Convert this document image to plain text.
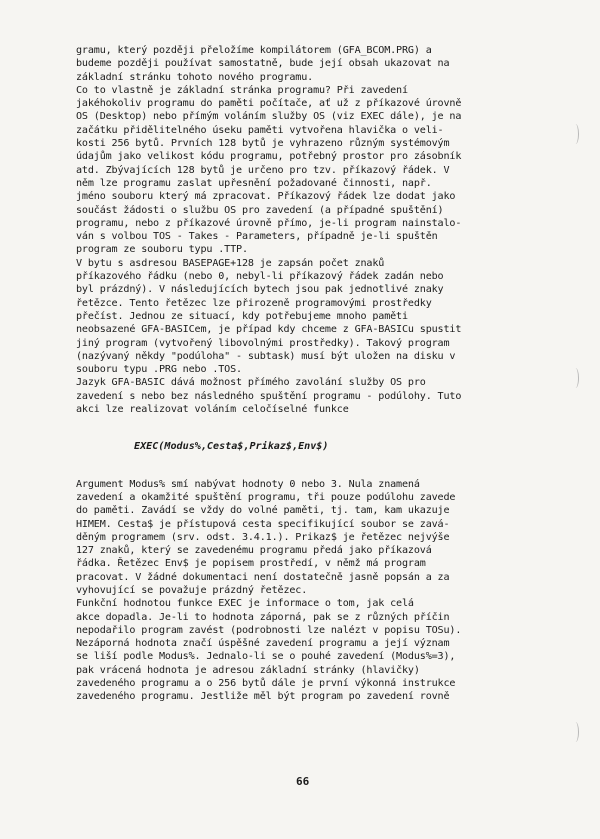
gramu, který později přeložíme kompilátorem (GFA_BCOM.PRG) a
budeme později používat samostatně, bude její obsah ukazovat na
základní stránku tohoto nového programu.
Co to vlastně je základní stránka programu? Při zavedení
jakéhokoliv programu do paměti počítače, ať už z příkazové úrovně
OS (Desktop) nebo přímým voláním služby OS (viz EXEC dále), je na
začátku přidělitelného úseku paměti vytvořena hlavička o veli-
kosti 256 bytů. Prvních 128 bytů je vyhrazeno různým systémovým
údajům jako velikost kódu programu, potřebný prostor pro zásobník
atd. Zbývajících 128 bytů je určeno pro tzv. příkazový řádek. V
něm lze programu zaslat upřesnění požadované činnosti, např.
jméno souboru který má zpracovat. Příkazový řádek lze dodat jako
součást žádosti o službu OS pro zavedení (a případné spuštění)
programu, nebo z příkazové úrovně přímo, je-li program nainstalo-
ván s volbou TOS - Takes - Parameters, případně je-li spuštěn
program ze souboru typu .TTP.
V bytu s asdresou BASEPAGE+128 je zapsán počet znaků
příkazového řádku (nebo 0, nebyl-li příkazový řádek zadán nebo
byl prázdný). V následujících bytech jsou pak jednotlivé znaky
řetězce. Tento řetězec lze přirozeně programovými prostředky
přečíst. Jednou ze situací, kdy potřebujeme mnoho paměti
neobsazené GFA-BASICem, je případ kdy chceme z GFA-BASICu spustit
jiný program (vytvořený libovolnými prostředky). Takový program
(nazývaný někdy "podúloha" - subtask) musí být uložen na disku v
souboru typu .PRG nebo .TOS.
Jazyk GFA-BASIC dává možnost přímého zavolání služby OS pro
zavedení s nebo bez následného spuštění programu - podúlohy. Tuto
akci lze realizovat voláním celočíselné funkce
EXEC(Modus%,Cesta$,Prikaz$,Env$)
Argument Modus% smí nabývat hodnoty 0 nebo 3. Nula znamená
zavedení a okamžité spuštění programu, tři pouze podúlohu zavede
do paměti. Zavádí se vždy do volné paměti, tj. tam, kam ukazuje
HIMEM. Cesta$ je přístupová cesta specifikující soubor se zavá-
děným programem (srv. odst. 3.4.1.). Prikaz$ je řetězec nejvýše
127 znaků, který se zavedenému programu předá jako příkazová
řádka. Řetězec Env$ je popisem prostředí, v němž má program
pracovat. V žádné dokumentaci není dostatečně jasně popsán a za
vyhovující se považuje prázdný řetězec.
Funkční hodnotou funkce EXEC je informace o tom, jak celá
akce dopadla. Je-li to hodnota záporná, pak se z různých příčin
nepodařilo program zavést (podrobnosti lze nalézt v popisu TOSu).
Nezáporná hodnota značí úspěšné zavedení programu a její význam
se liší podle Modus%. Jednalo-li se o pouhé zavedení (Modus%=3),
pak vrácená hodnota je adresou základní stránky (hlavičky)
zavedeného programu a o 256 bytů dále je první výkonná instrukce
zavedeného programu. Jestliže měl být program po zavedení rovně
66
